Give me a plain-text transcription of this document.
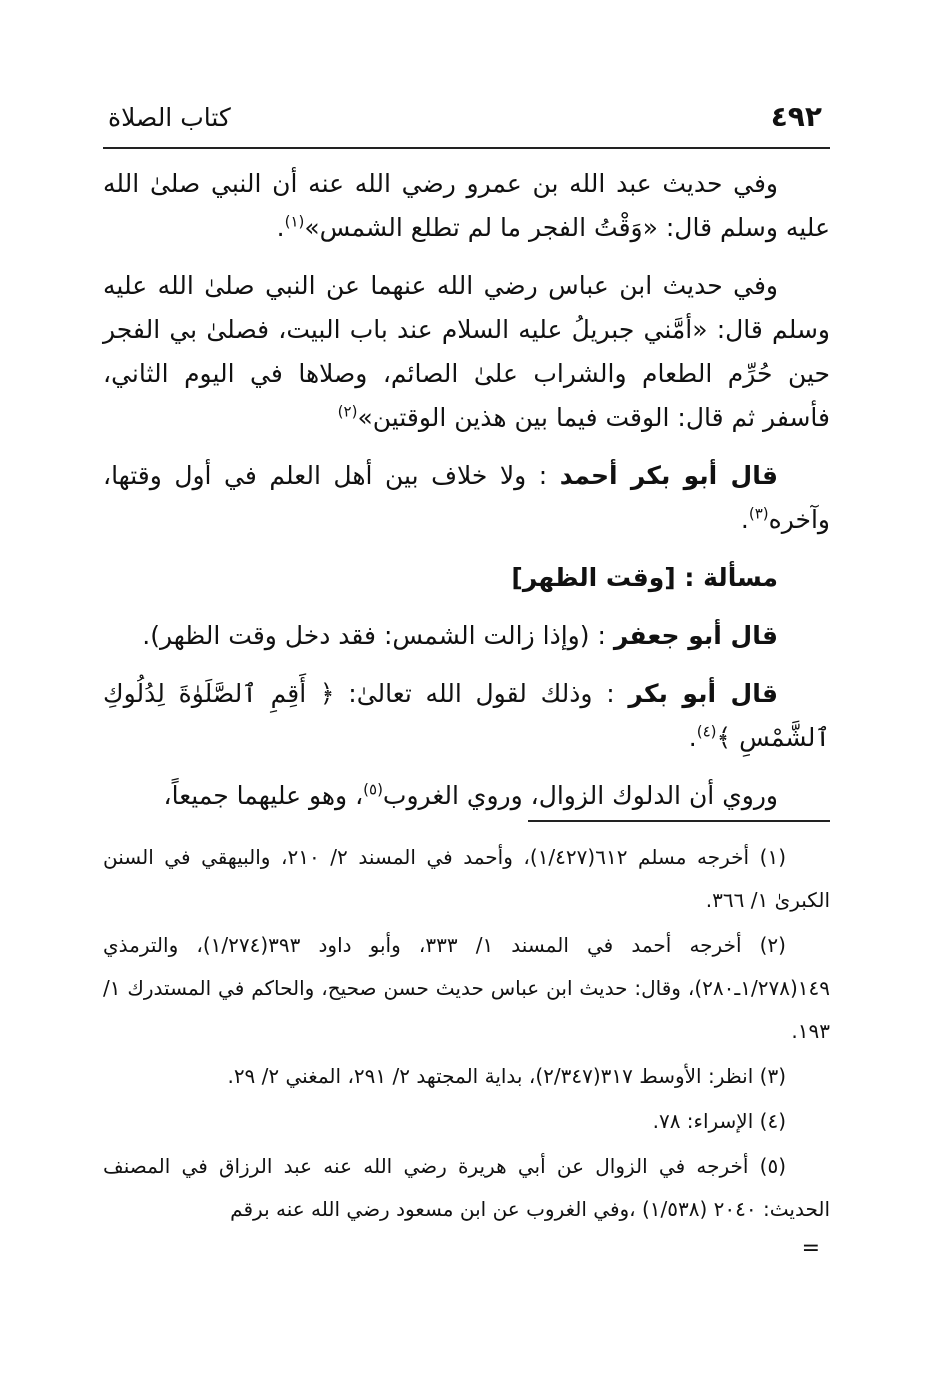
٤٩٢
كتاب الصلاة

وفي حديث عبد الله بن عمرو رضي الله عنه أن النبي صلىٰ الله عليه وسلم قال: «وَقْتُ الفجر ما لم تطلع الشمس»$^{(١)}$.

وفي حديث ابن عباس رضي الله عنهما عن النبي صلىٰ الله عليه وسلم قال: «أمَّني جبريلُ عليه السلام عند باب البيت، فصلىٰ بي الفجر حين حُرِّم الطعام والشراب علىٰ الصائم، وصلاها في اليوم الثاني، فأسفر ثم قال: الوقت فيما بين هذين الوقتين»$^{(٢)}$

قال أبو بكر أحمد : ولا خلاف بين أهل العلم في أول وقتها، وآخره$^{(٣)}$.

مسألة : [وقت الظهر]

قال أبو جعفر : (وإذا زالت الشمس: فقد دخل وقت الظهر).

قال أبو بكر : وذلك لقول الله تعالىٰ: ﴿ أَقِمِ ٱلصَّلَوٰةَ لِدُلُوكِ ٱلشَّمْسِ ﴾$^{(٤)}$.

وروي أن الدلوك الزوال، وروي الغروب$^{(٥)}$، وهو عليهما جميعاً،

(١) أخرجه مسلم ٦١٢(١/٤٢٧)، وأحمد في المسند ٢/ ٢١٠، والبيهقي في السنن الكبرىٰ ١/ ٣٦٦.

(٢) أخرجه أحمد في المسند ١/ ٣٣٣، وأبو داود ٣٩٣(١/٢٧٤)، والترمذي ١٤٩(١/٢٧٨ـ٢٨٠)، وقال: حديث ابن عباس حديث حسن صحيح، والحاكم في المستدرك ١/ ١٩٣.

(٣) انظر: الأوسط ٣١٧(٢/٣٤٧)، بداية المجتهد ٢/ ٢٩١، المغني ٢/ ٢٩.

(٤) الإسراء: ٧٨.

(٥) أخرجه في الزوال عن أبي هريرة رضي الله عنه عبد الرزاق في المصنف الحديث: ٢٠٤٠ (١/٥٣٨) ،وفي الغروب عن ابن مسعود رضي الله عنه برقم

=
